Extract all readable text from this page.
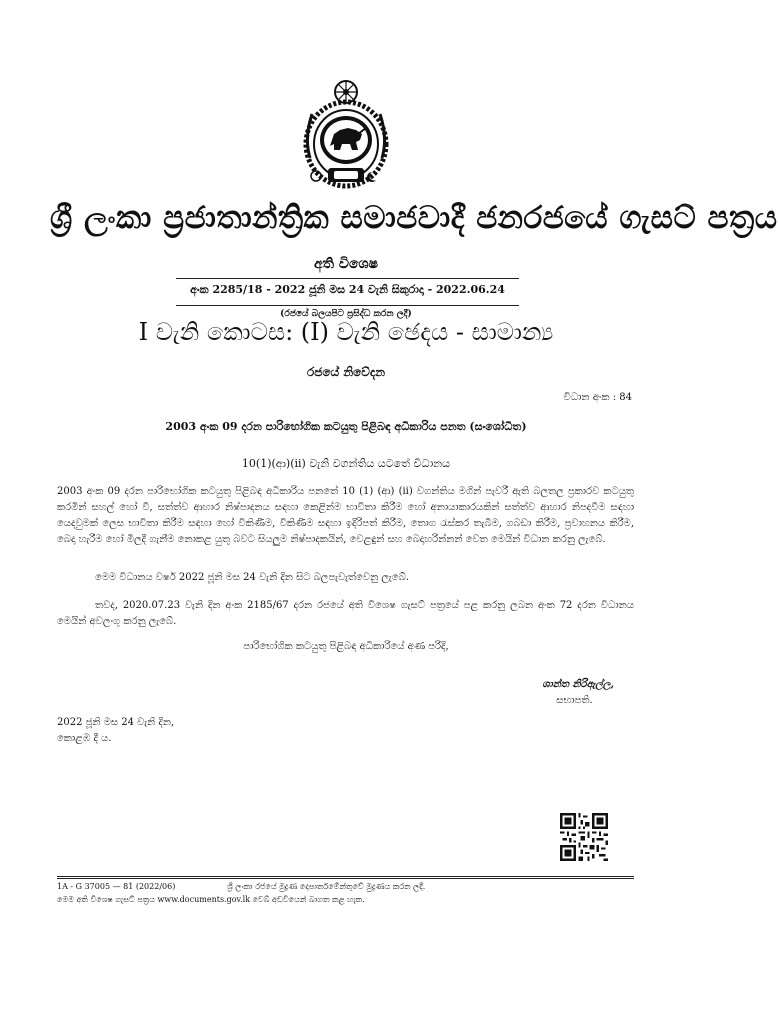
ශ්‍රී ලංකා ප්‍රජාතාන්ත්‍රික සමාජවාදී ජනරජයේ ගැසට් පත්‍රය
අති විශෙෂ
අංක 2285/18 - 2022 ජූනි මස 24 වැනි සිකුරාදා - 2022.06.24
(රජයේ බලයපිට ප්‍රසිද්ධ කරන ලදී)
I වැනි කොටස: (I) වැනි ඡෙදය - සාමාන්‍ය
රජයේ නිවේදන
විධාන අංක : 84
2003 අංක 09 දරන පාරිභෝගික කටයුතු පිළිබඳ අධිකාරිය පනත (සංශෝධිත)
10(1)(ආ)(ii) වැනි වගන්තිය යටතේ විධානය
2003 අංක 09 දරන පාරිභෝගික කටයුතු පිළිබඳ අධිකාරිය පනතේ 10 (1) (ආ) (ii) වගන්තිය මගින් පැවරී ඇති බලතල ප්‍රකාරව කටයුතු කරමින් සහල් හෝ වී, සත්ත්ව ආහාර නිෂ්පාදනය සඳහා කෙළින්ම භාවිතා කිරීම හෝ අනායාකාරයකින් සත්ත්ව ආහාර නිපදවීම සඳහා යෙදවුමක් ලෙස භාවිතා කිරීම සඳහා හෝ විකිණීම, විකිණීම සඳහා ඉදිරිපත් කිරීම, තොග රැස්කර තැබීම, ගබඩා කිරීම, ප්‍රවාහනය කිරීම, බෙදා හැරීම හෝ මිලදී ගැනීම නොකළ යුතු බවට සියලුම නිෂ්පාදකයින්, වෙළඳුන් සහ බෙදාහරින්නන් වෙත මෙයින් විධාන කරනු ලැබේ.
මෙම විධානය වර්ෂ 2022 ජූනි මස 24 වැනි දින සිට බලපැවැත්වෙනු ලැබේ.
තවද, 2020.07.23 වැනි දින අංක 2185/67 දරන රජයේ අති විශෙෂ ගැසට් පත්‍රයේ පළ කරනු ලබන අංක 72 දරන විධානය මෙයින් අවලංගු කරනු ලැබේ.
පාරිභෝගික කටයුතු පිළිබඳ අධිකාරියේ අණ පරිදි,
ශාන්ත නිරිඇල්ල,
සභාපති.
2022 ජූනි මස 24 වැනි දින,
කොළඹ දී ය.
1A - G 37005 — 81 (2022/06)	ශ්‍රී ලංකා රජයේ මුද්‍රණ දෙපාර්තමේන්තුවේ මුද්‍රණය කරන ලදී.
මෙම අති විශෙෂ ගැසට් පත්‍රය www.documents.gov.lk වෙබ් අඩවියෙන් බාගත කළ හැක.
